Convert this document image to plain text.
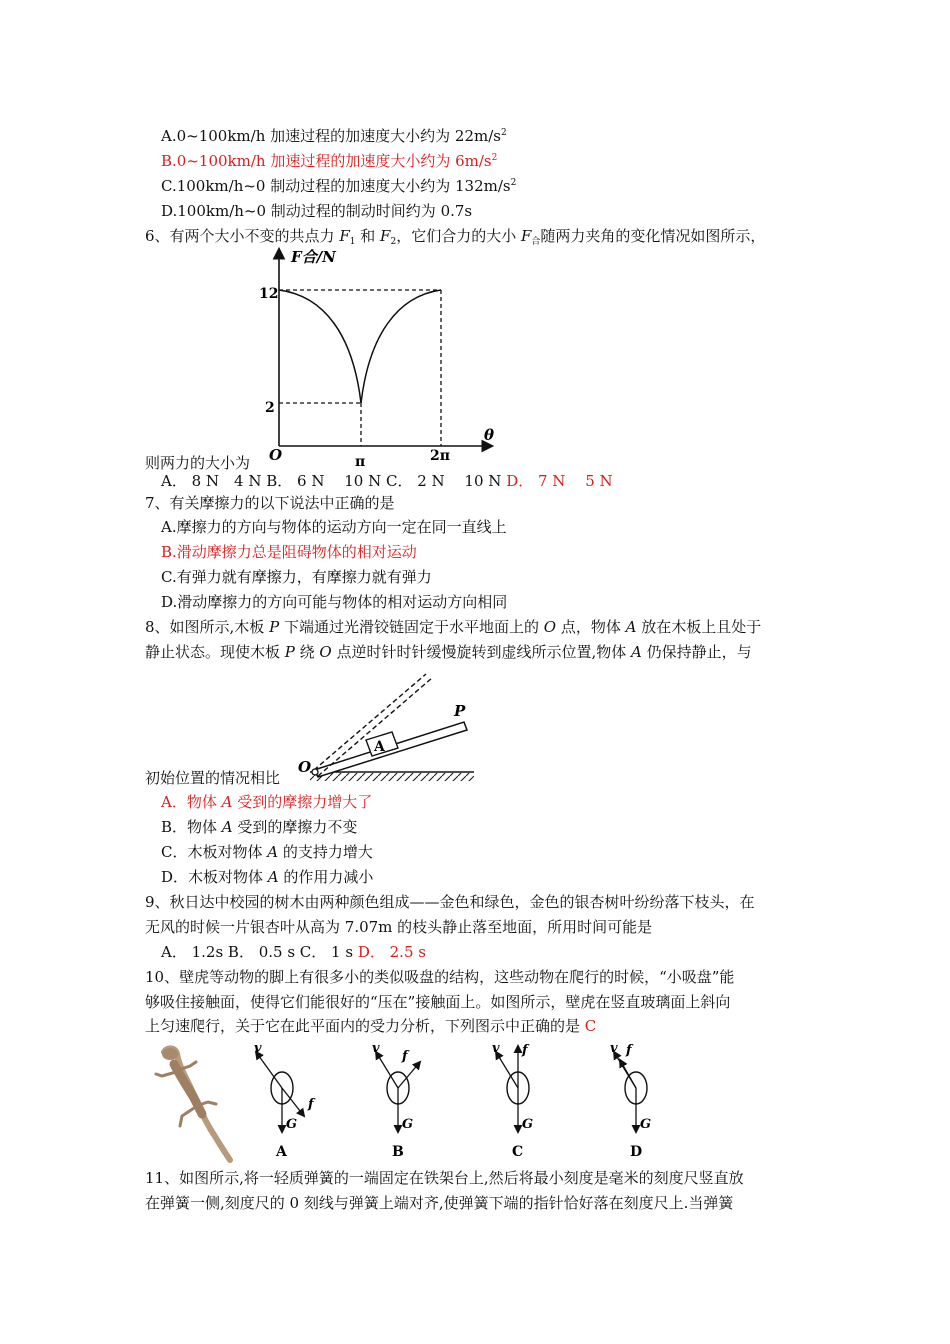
A.0~100km/h 加速过程的加速度大小约为 $22m/s^2$
B.0~100km/h 加速过程的加速度大小约为 $6m/s^2$
C.100km/h~0 制动过程的加速度大小约为 $132m/s^2$
D.100km/h~0 制动过程的制动时间约为 0.7s
6、有两个大小不变的共点力 $F_1$ 和 $F_2$，它们合力的大小 $F_合$随两力夹角的变化情况如图所示，
F合/N
θ
O
12
2
π	2π
则两力的大小为
A． 8 N　4 N B． 6 N　 10 N C． 2 N　 10 N D． 7 N　 5 N
7、有关摩擦力的以下说法中正确的是
A.摩擦力的方向与物体的运动方向一定在同一直线上
B.滑动摩擦力总是阻碍物体的相对运动
C.有弹力就有摩擦力，有摩擦力就有弹力
D.滑动摩擦力的方向可能与物体的相对运动方向相同
8、如图所示,木板 P 下端通过光滑铰链固定于水平地面上的 O 点，物体 A 放在木板上且处于
静止状态。现使木板 P 绕 O 点逆时针时针缓慢旋转到虚线所示位置,物体 A 仍保持静止，与
A
P
O
初始位置的情况相比
A．物体 A 受到的摩擦力增大了
B．物体 A 受到的摩擦力不变
C．木板对物体 A 的支持力增大
D．木板对物体 A 的作用力减小
9、秋日达中校园的树木由两种颜色组成——金色和绿色，金色的银杏树叶纷纷落下枝头，在
无风的时候一片银杏叶从高为 7.07m 的枝头静止落至地面，所用时间可能是
A． 1.2s B． 0.5 s C． 1 s D． 2.5 s
10、壁虎等动物的脚上有很多小的类似吸盘的结构，这些动物在爬行的时候，“小吸盘”能
够吸住接触面，使得它们能很好的“压在”接触面上。如图所示，壁虎在竖直玻璃面上斜向
上匀速爬行，关于它在此平面内的受力分析，下列图示中正确的是 C
v
G
f
A
v
G
f
B
v
G
f
C
v
G
f
D
11、如图所示,将一轻质弹簧的一端固定在铁架台上,然后将最小刻度是毫米的刻度尺竖直放
在弹簧一侧,刻度尺的 0 刻线与弹簧上端对齐,使弹簧下端的指针恰好落在刻度尺上.当弹簧
